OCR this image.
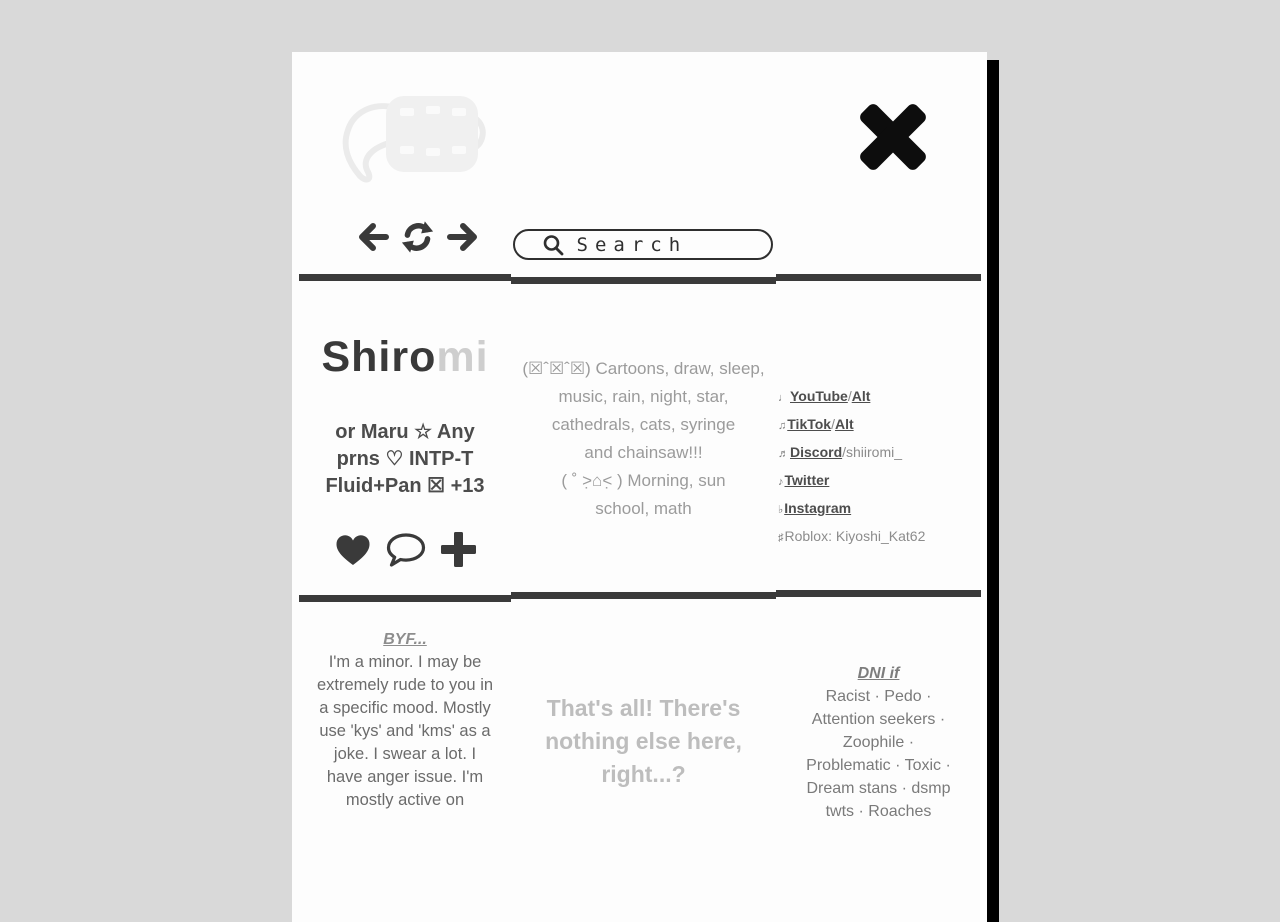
Search
Shiromi
or Maru ☆ Any
prns ♡ INTP-T
Fluid+Pan ☒ +13
(☒ˆ☒ˆ☒) Cartoons, draw, sleep,
music, rain, night, star,
cathedrals, cats, syringe
and chainsaw!!!
( ˚ ˃̣⌂˂̣ ) Morning, sun
school, math
♩YouTube/Alt
♫TikTok/Alt
♬Discord/shiiromi_
♪Twitter
♭Instagram
♯Roblox: Kiyoshi_Kat62
BYF...
I'm a minor. I may be
extremely rude to you in
a specific mood. Mostly
use 'kys' and 'kms' as a
joke. I swear a lot. I
have anger issue. I'm
mostly active on
That's all! There's
nothing else here,
right...?
DNI if
Racist · Pedo ·
Attention seekers ·
Zoophile ·
Problematic · Toxic ·
Dream stans · dsmp
twts · Roaches
